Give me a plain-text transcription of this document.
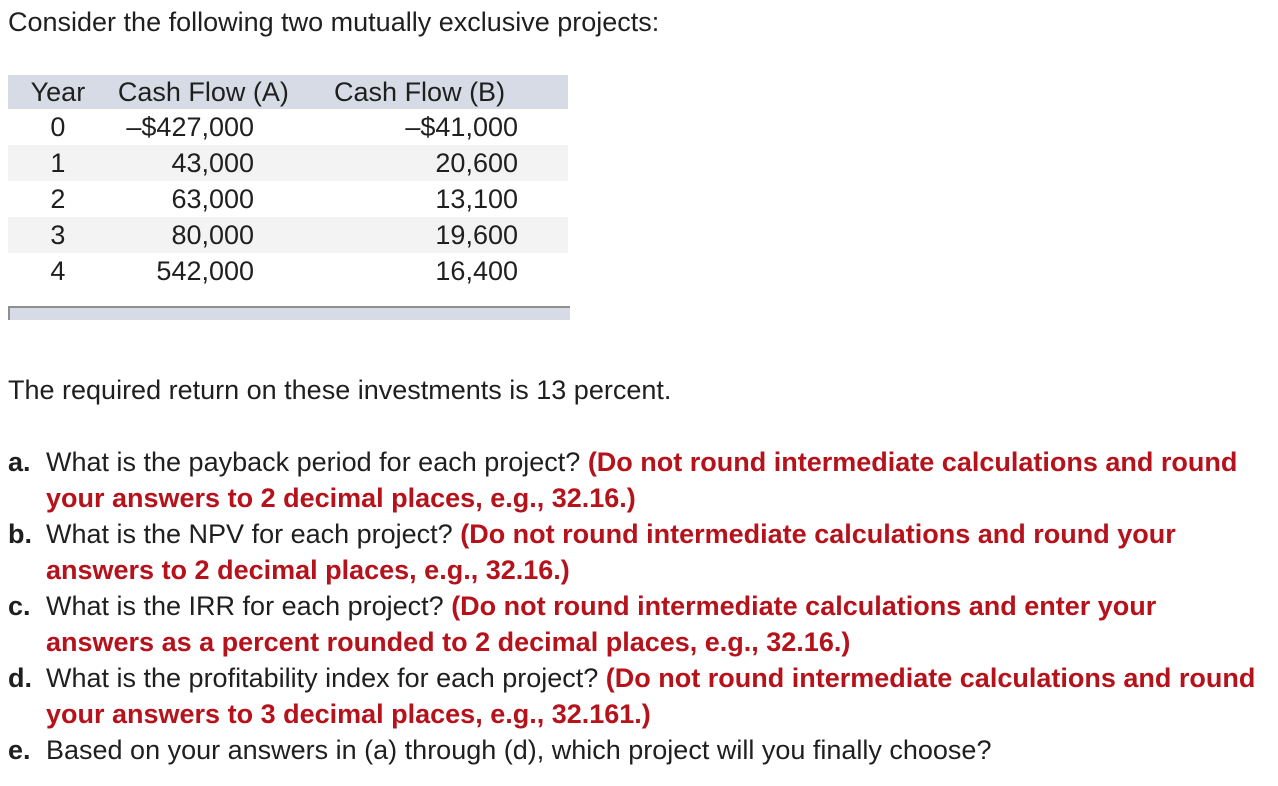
Consider the following two mutually exclusive projects:

Year	Cash Flow (A)	Cash Flow (B)
0	–$427,000	–$41,000
1	43,000	20,600
2	63,000	13,100
3	80,000	19,600
4	542,000	16,400

The required return on these investments is 13 percent.

a. What is the payback period for each project? (Do not round intermediate calculations and round your answers to 2 decimal places, e.g., 32.16.)
b. What is the NPV for each project? (Do not round intermediate calculations and round your answers to 2 decimal places, e.g., 32.16.)
c. What is the IRR for each project? (Do not round intermediate calculations and enter your answers as a percent rounded to 2 decimal places, e.g., 32.16.)
d. What is the profitability index for each project? (Do not round intermediate calculations and round your answers to 3 decimal places, e.g., 32.161.)
e. Based on your answers in (a) through (d), which project will you finally choose?
